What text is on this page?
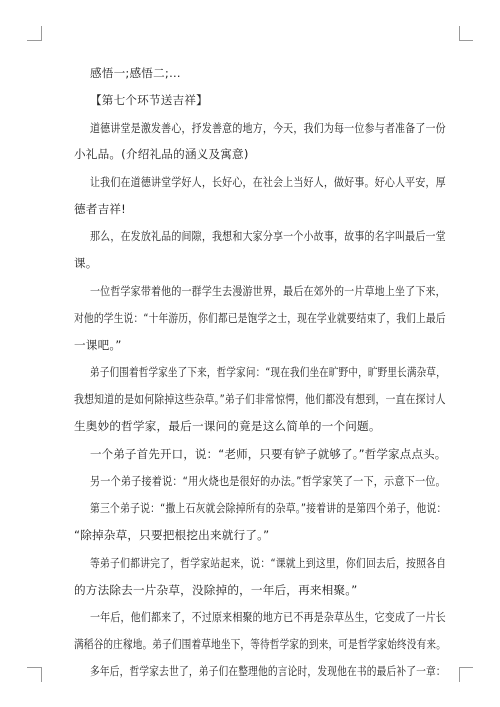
感悟一;感悟二;…
【第七个环节送吉祥】
道德讲堂是激发善心，抒发善意的地方，今天，我们为每一位参与者准备了一份
小礼品。(介绍礼品的涵义及寓意)
让我们在道德讲堂学好人，长好心，在社会上当好人，做好事。好心人平安，厚
德者吉祥!
那么，在发放礼品的间隙，我想和大家分享一个小故事，故事的名字叫最后一堂
课。
一位哲学家带着他的一群学生去漫游世界，最后在郊外的一片草地上坐了下来，
对他的学生说：“十年游历，你们都已是饱学之士，现在学业就要结束了，我们上最后
一课吧。”
弟子们围着哲学家坐了下来，哲学家问：“现在我们坐在旷野中，旷野里长满杂草，
我想知道的是如何除掉这些杂草。”弟子们非常惊愕，他们都没有想到，一直在探讨人
生奥妙的哲学家，最后一课问的竟是这么简单的一个问题。
一个弟子首先开口，说：“老师，只要有铲子就够了。”哲学家点点头。
另一个弟子接着说：“用火烧也是很好的办法。”哲学家笑了一下，示意下一位。
第三个弟子说：“撒上石灰就会除掉所有的杂草。”接着讲的是第四个弟子，他说：
“除掉杂草，只要把根挖出来就行了。”
等弟子们都讲完了，哲学家站起来，说：“课就上到这里，你们回去后，按照各自
的方法除去一片杂草，没除掉的，一年后，再来相聚。”
一年后，他们都来了，不过原来相聚的地方已不再是杂草丛生，它变成了一片长
满稻谷的庄稼地。弟子们围着草地坐下，等待哲学家的到来，可是哲学家始终没有来。
多年后，哲学家去世了，弟子们在整理他的言论时，发现他在书的最后补了一章：
